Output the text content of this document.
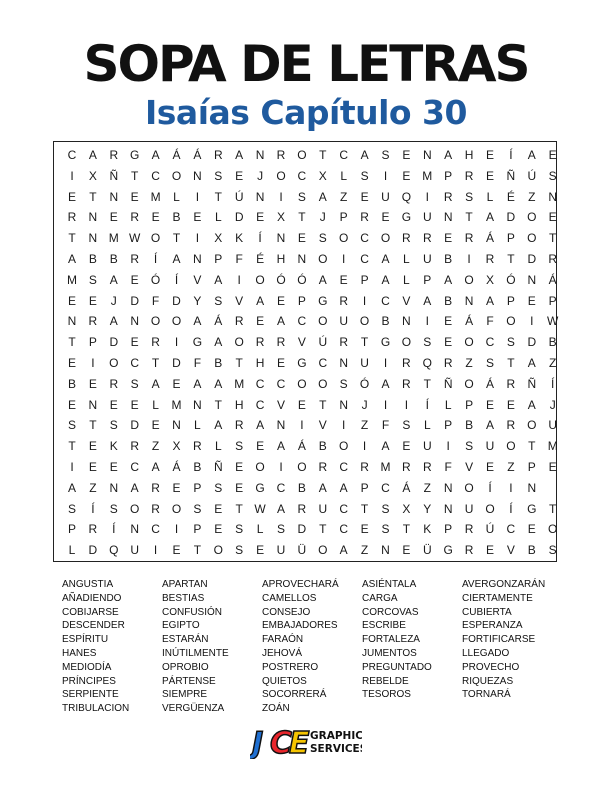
SOPA DE LETRAS
Isaías Capítulo 30
C	A	R G	A	Á	Á	R	A	N	R O	T	C	A	S	E	N	A	H	E	Í	A	E
I	X	Ñ	T	C O N	S	E	J	O C	X	L	S	I	E M P	R	E	Ñ	Ú	S
E	T	N	E M	L	I	T	Ú	N	I	S	A	Z	E	U Q	I	R	S	L	É	Z	N
R	N	E	R	E	B	E	L	D	E	X	T	J	P	R	E	G U	N	T	A	D O	E
T	N M W O	T	I	X	K	Í	N	E	S	O C O R	R	E	R	Á	P	O	T
A	B	B	R	Í	A	N	P	F	É	H	N O	I	C	A	L	U	B	I	R	T	D	R
M S	A	E	Ó	Í	V	A	I	O Ó Ó	A	E	P	A	L	P	A	O	X	Ó N	Á
E	E	J	D	F	D	Y	S	V	A	E	P	G R	I	C	V	A	B	N	A	P	E	P
N	R	A	N O O	A	Á	R	E	A	C O U O	B	N	I	E	Á	F	O	I	W
T	P	D	E	R	I	G	A	O R	R	V	Ú	R	T	G O	S	E	O C	S	D	B
E	I	O C	T	D	F	B	T	H	E	G C	N	U	I	R Q R	Z	S	T	A	Z
B	E	R	S	A	E	A	A M C	C O O	S	Ó	A	R	T	Ñ O	Á	R	Ñ	Í
E	N	E	E	L	M N	T	H	C	V	E	T	N	J	I	I	Í	L	P	E	E	A	J
S	T	S	D	E	N	L	A	R	A	N	I	V	I	Z	F	S	L	P	B	A	R O U
T	E	K	R	Z	X	R	L	S	E	A	Á	B	O	I	A	E	U	I	S	U O	T	M
I	E	E	C	A	Á	B	Ñ	E	O	I	O R	C	R M R	R	F	V	E	Z	P	E
A	Z	N	A	R	E	P	S	E	G C	B	A	A	P	C	Á	Z	N O	Í	I	N
S	Í	S	O R O	S	E	T W A	R	U	C	T	S	X	Y	N	U O	Í	G	T
P	R	Í	N	C	I	P	E	S	L	S	D	T	C	E	S	T	K	P	R	Ú	C	E	O
L	D Q U	I	E	T	O	S	E	U	Ü O	A	Z	N	E	Ü G R	E	V	B	S
ANGUSTIA
AÑADIENDO
COBIJARSE
DESCENDER
ESPÍRITU
HANES
MEDIODÍA
PRÍNCIPES
SERPIENTE
TRIBULACION
APARTAN
BESTIAS
CONFUSIÓN
EGIPTO
ESTARÁN
INÚTILMENTE
OPROBIO
PÁRTENSE
SIEMPRE
VERGÜENZA
APROVECHARÁ
CAMELLOS
CONSEJO
EMBAJADORES
FARAÓN
JEHOVÁ
POSTRERO
QUIETOS
SOCORRERÁ
ZOÁN
ASIÉNTALA
CARGA
CORCOVAS
ESCRIBE
FORTALEZA
JUMENTOS
PREGUNTADO
REBELDE
TESOROS
AVERGONZARÁN
CIERTAMENTE
CUBIERTA
ESPERANZA
FORTIFICARSE
LLEGADO
PROVECHO
RIQUEZAS
TORNARÁ
J C
E GRAPHIC
SERVICES
